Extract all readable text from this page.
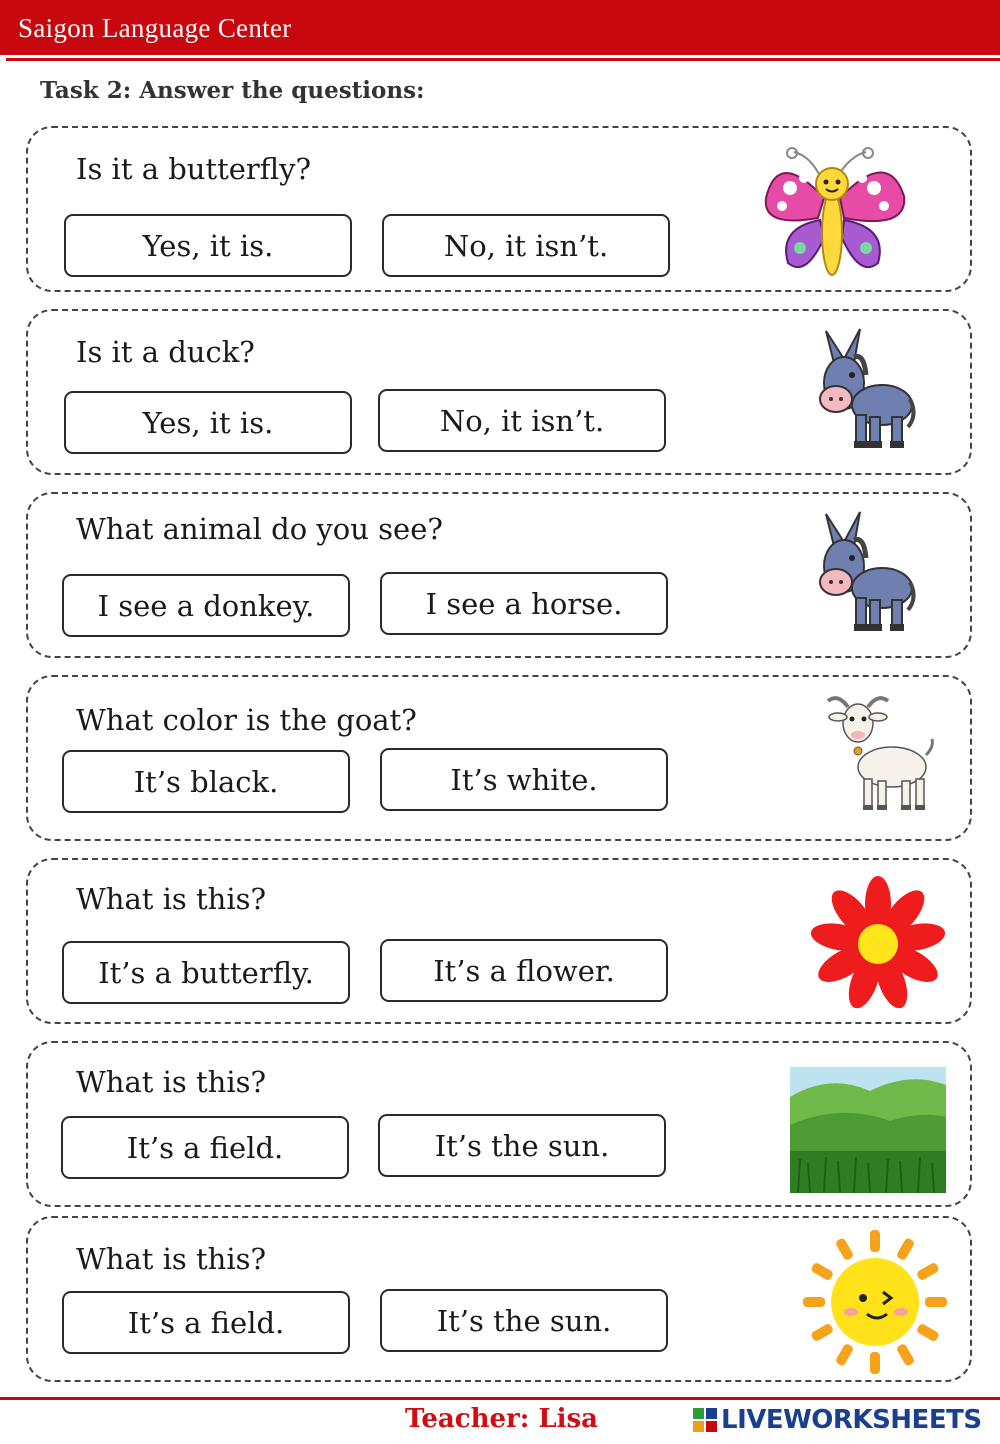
Saigon Language Center
Task 2: Answer the questions:
Is it a butterfly?
Yes, it is.	No, it isn’t.
Is it a duck?
Yes, it is.	No, it isn’t.
What animal do you see?
I see a donkey.	I see a horse.
What color is the goat?
It’s black.	It’s white.
What is this?
It’s a butterfly.	It’s a flower.
What is this?
It’s a field.	It’s the sun.
What is this?
It’s a field.	It’s the sun.
Teacher: Lisa	LIVEWORKSHEETS
